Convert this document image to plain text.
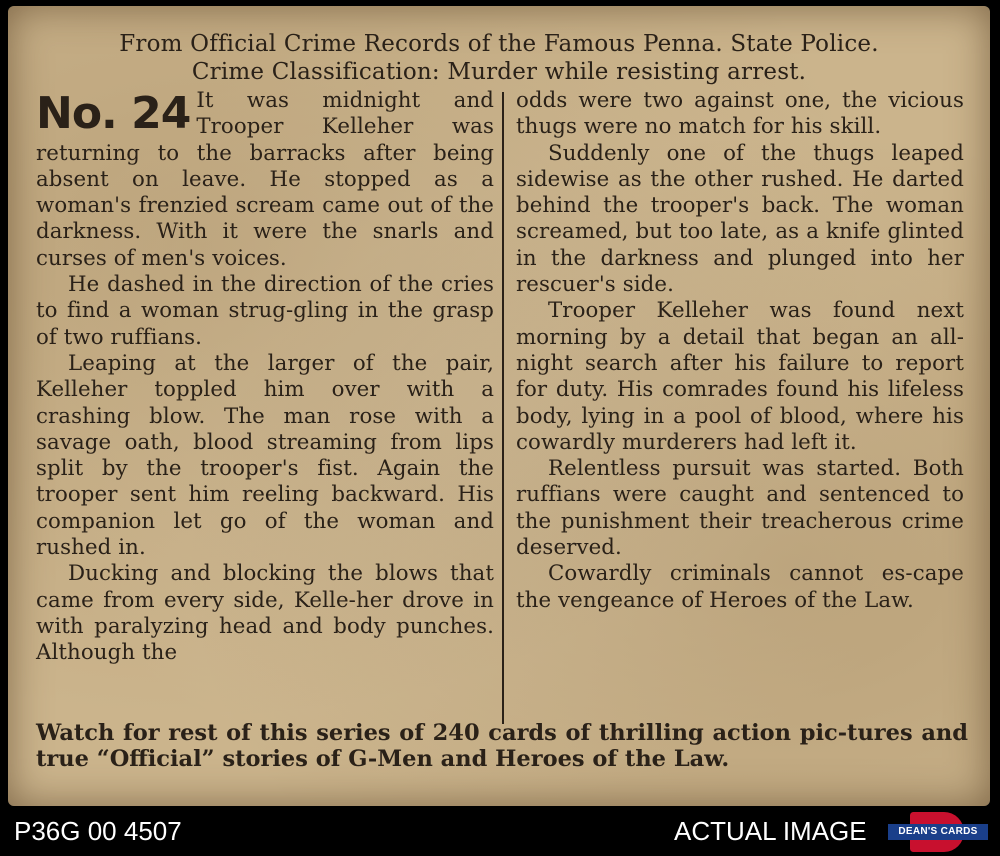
From Official Crime Records of the Famous Penna. State Police.
Crime Classification: Murder while resisting arrest.
No. 24 It was midnight and Trooper Kelleher was returning to the barracks after being absent on leave. He stopped as a woman's frenzied scream came out of the darkness. With it were the snarls and curses of men's voices.

He dashed in the direction of the cries to find a woman strug-gling in the grasp of two ruffians.

Leaping at the larger of the pair, Kelleher toppled him over with a crashing blow. The man rose with a savage oath, blood streaming from lips split by the trooper's fist. Again the trooper sent him reeling backward. His companion let go of the woman and rushed in.

Ducking and blocking the blows that came from every side, Kelle-her drove in with paralyzing head and body punches. Although the

odds were two against one, the vicious thugs were no match for his skill.

Suddenly one of the thugs leaped sidewise as the other rushed. He darted behind the trooper's back. The woman screamed, but too late, as a knife glinted in the darkness and plunged into her rescuer's side.

Trooper Kelleher was found next morning by a detail that began an all-night search after his failure to report for duty. His comrades found his lifeless body, lying in a pool of blood, where his cowardly murderers had left it.

Relentless pursuit was started. Both ruffians were caught and sentenced to the punishment their treacherous crime deserved.

Cowardly criminals cannot es-cape the vengeance of Heroes of the Law.

Watch for rest of this series of 240 cards of thrilling action pic-tures and true “Official” stories of G-Men and Heroes of the Law.
P36G 00 4507	ACTUAL IMAGE	DEAN'S CARDS
